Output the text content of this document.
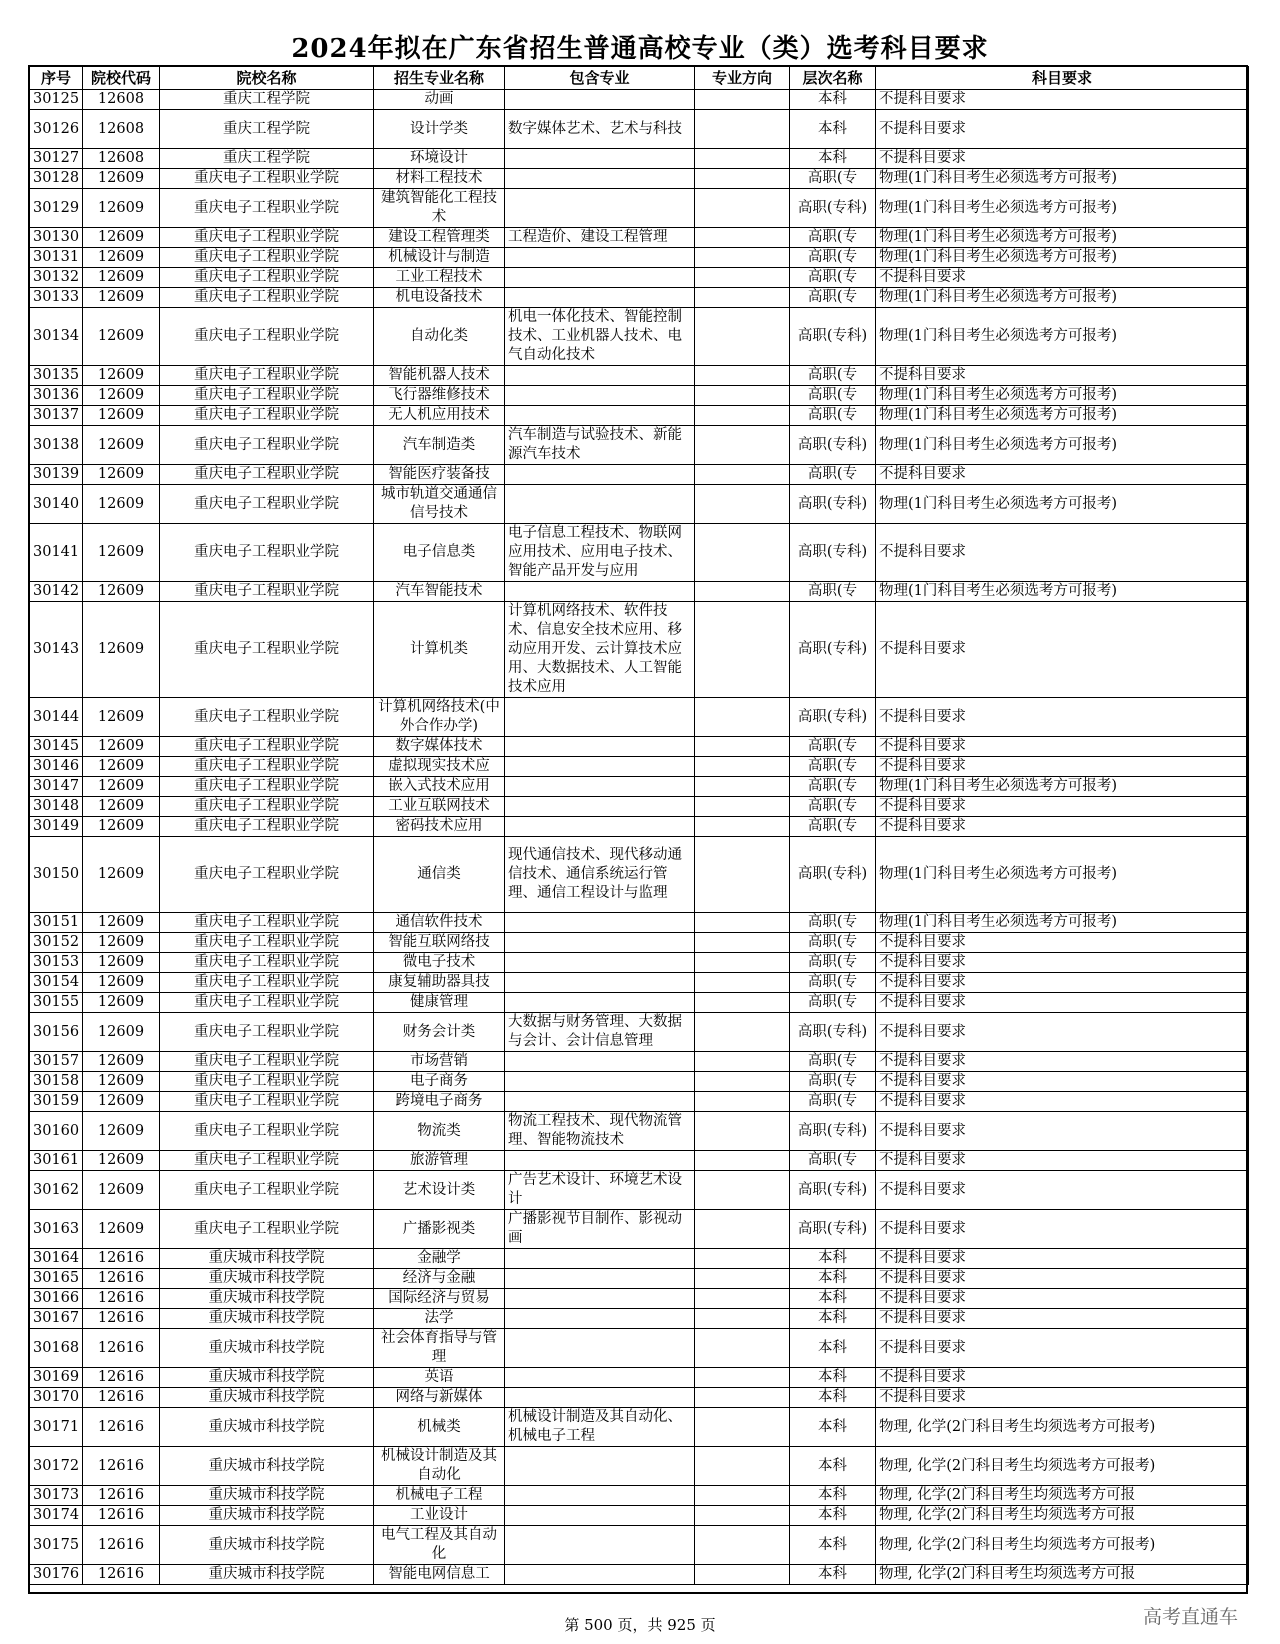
2024年拟在广东省招生普通高校专业（类）选考科目要求
序号	院校代码	院校名称	招生专业名称	包含专业	专业方向	层次名称	科目要求
30125	12608	重庆工程学院	动画			本科	不提科目要求
30126	12608	重庆工程学院	设计学类	数字媒体艺术、艺术与科技		本科	不提科目要求
30127	12608	重庆工程学院	环境设计			本科	不提科目要求
30128	12609	重庆电子工程职业学院	材料工程技术			高职(专	物理(1门科目考生必须选考方可报考)
30129	12609	重庆电子工程职业学院	建筑智能化工程技术			高职(专科)	物理(1门科目考生必须选考方可报考)
30130	12609	重庆电子工程职业学院	建设工程管理类	工程造价、建设工程管理		高职(专	物理(1门科目考生必须选考方可报考)
30131	12609	重庆电子工程职业学院	机械设计与制造			高职(专	物理(1门科目考生必须选考方可报考)
30132	12609	重庆电子工程职业学院	工业工程技术			高职(专	不提科目要求
30133	12609	重庆电子工程职业学院	机电设备技术			高职(专	物理(1门科目考生必须选考方可报考)
30134	12609	重庆电子工程职业学院	自动化类	机电一体化技术、智能控制技术、工业机器人技术、电气自动化技术		高职(专科)	物理(1门科目考生必须选考方可报考)
30135	12609	重庆电子工程职业学院	智能机器人技术			高职(专	不提科目要求
30136	12609	重庆电子工程职业学院	飞行器维修技术			高职(专	物理(1门科目考生必须选考方可报考)
30137	12609	重庆电子工程职业学院	无人机应用技术			高职(专	物理(1门科目考生必须选考方可报考)
30138	12609	重庆电子工程职业学院	汽车制造类	汽车制造与试验技术、新能源汽车技术		高职(专科)	物理(1门科目考生必须选考方可报考)
30139	12609	重庆电子工程职业学院	智能医疗装备技			高职(专	不提科目要求
30140	12609	重庆电子工程职业学院	城市轨道交通通信信号技术			高职(专科)	物理(1门科目考生必须选考方可报考)
30141	12609	重庆电子工程职业学院	电子信息类	电子信息工程技术、物联网应用技术、应用电子技术、智能产品开发与应用		高职(专科)	不提科目要求
30142	12609	重庆电子工程职业学院	汽车智能技术			高职(专	物理(1门科目考生必须选考方可报考)
30143	12609	重庆电子工程职业学院	计算机类	计算机网络技术、软件技术、信息安全技术应用、移动应用开发、云计算技术应用、大数据技术、人工智能技术应用		高职(专科)	不提科目要求
30144	12609	重庆电子工程职业学院	计算机网络技术(中外合作办学)			高职(专科)	不提科目要求
30145	12609	重庆电子工程职业学院	数字媒体技术			高职(专	不提科目要求
30146	12609	重庆电子工程职业学院	虚拟现实技术应			高职(专	不提科目要求
30147	12609	重庆电子工程职业学院	嵌入式技术应用			高职(专	物理(1门科目考生必须选考方可报考)
30148	12609	重庆电子工程职业学院	工业互联网技术			高职(专	不提科目要求
30149	12609	重庆电子工程职业学院	密码技术应用			高职(专	不提科目要求
30150	12609	重庆电子工程职业学院	通信类	现代通信技术、现代移动通信技术、通信系统运行管理、通信工程设计与监理		高职(专科)	物理(1门科目考生必须选考方可报考)
30151	12609	重庆电子工程职业学院	通信软件技术			高职(专	物理(1门科目考生必须选考方可报考)
30152	12609	重庆电子工程职业学院	智能互联网络技			高职(专	不提科目要求
30153	12609	重庆电子工程职业学院	微电子技术			高职(专	不提科目要求
30154	12609	重庆电子工程职业学院	康复辅助器具技			高职(专	不提科目要求
30155	12609	重庆电子工程职业学院	健康管理			高职(专	不提科目要求
30156	12609	重庆电子工程职业学院	财务会计类	大数据与财务管理、大数据与会计、会计信息管理		高职(专科)	不提科目要求
30157	12609	重庆电子工程职业学院	市场营销			高职(专	不提科目要求
30158	12609	重庆电子工程职业学院	电子商务			高职(专	不提科目要求
30159	12609	重庆电子工程职业学院	跨境电子商务			高职(专	不提科目要求
30160	12609	重庆电子工程职业学院	物流类	物流工程技术、现代物流管理、智能物流技术		高职(专科)	不提科目要求
30161	12609	重庆电子工程职业学院	旅游管理			高职(专	不提科目要求
30162	12609	重庆电子工程职业学院	艺术设计类	广告艺术设计、环境艺术设计		高职(专科)	不提科目要求
30163	12609	重庆电子工程职业学院	广播影视类	广播影视节目制作、影视动画		高职(专科)	不提科目要求
30164	12616	重庆城市科技学院	金融学			本科	不提科目要求
30165	12616	重庆城市科技学院	经济与金融			本科	不提科目要求
30166	12616	重庆城市科技学院	国际经济与贸易			本科	不提科目要求
30167	12616	重庆城市科技学院	法学			本科	不提科目要求
30168	12616	重庆城市科技学院	社会体育指导与管理			本科	不提科目要求
30169	12616	重庆城市科技学院	英语			本科	不提科目要求
30170	12616	重庆城市科技学院	网络与新媒体			本科	不提科目要求
30171	12616	重庆城市科技学院	机械类	机械设计制造及其自动化、机械电子工程		本科	物理, 化学(2门科目考生均须选考方可报考)
30172	12616	重庆城市科技学院	机械设计制造及其自动化			本科	物理, 化学(2门科目考生均须选考方可报考)
30173	12616	重庆城市科技学院	机械电子工程			本科	物理, 化学(2门科目考生均须选考方可报
30174	12616	重庆城市科技学院	工业设计			本科	物理, 化学(2门科目考生均须选考方可报
30175	12616	重庆城市科技学院	电气工程及其自动化			本科	物理, 化学(2门科目考生均须选考方可报考)
30176	12616	重庆城市科技学院	智能电网信息工			本科	物理, 化学(2门科目考生均须选考方可报
第 500 页，共 925 页	高考直通车
